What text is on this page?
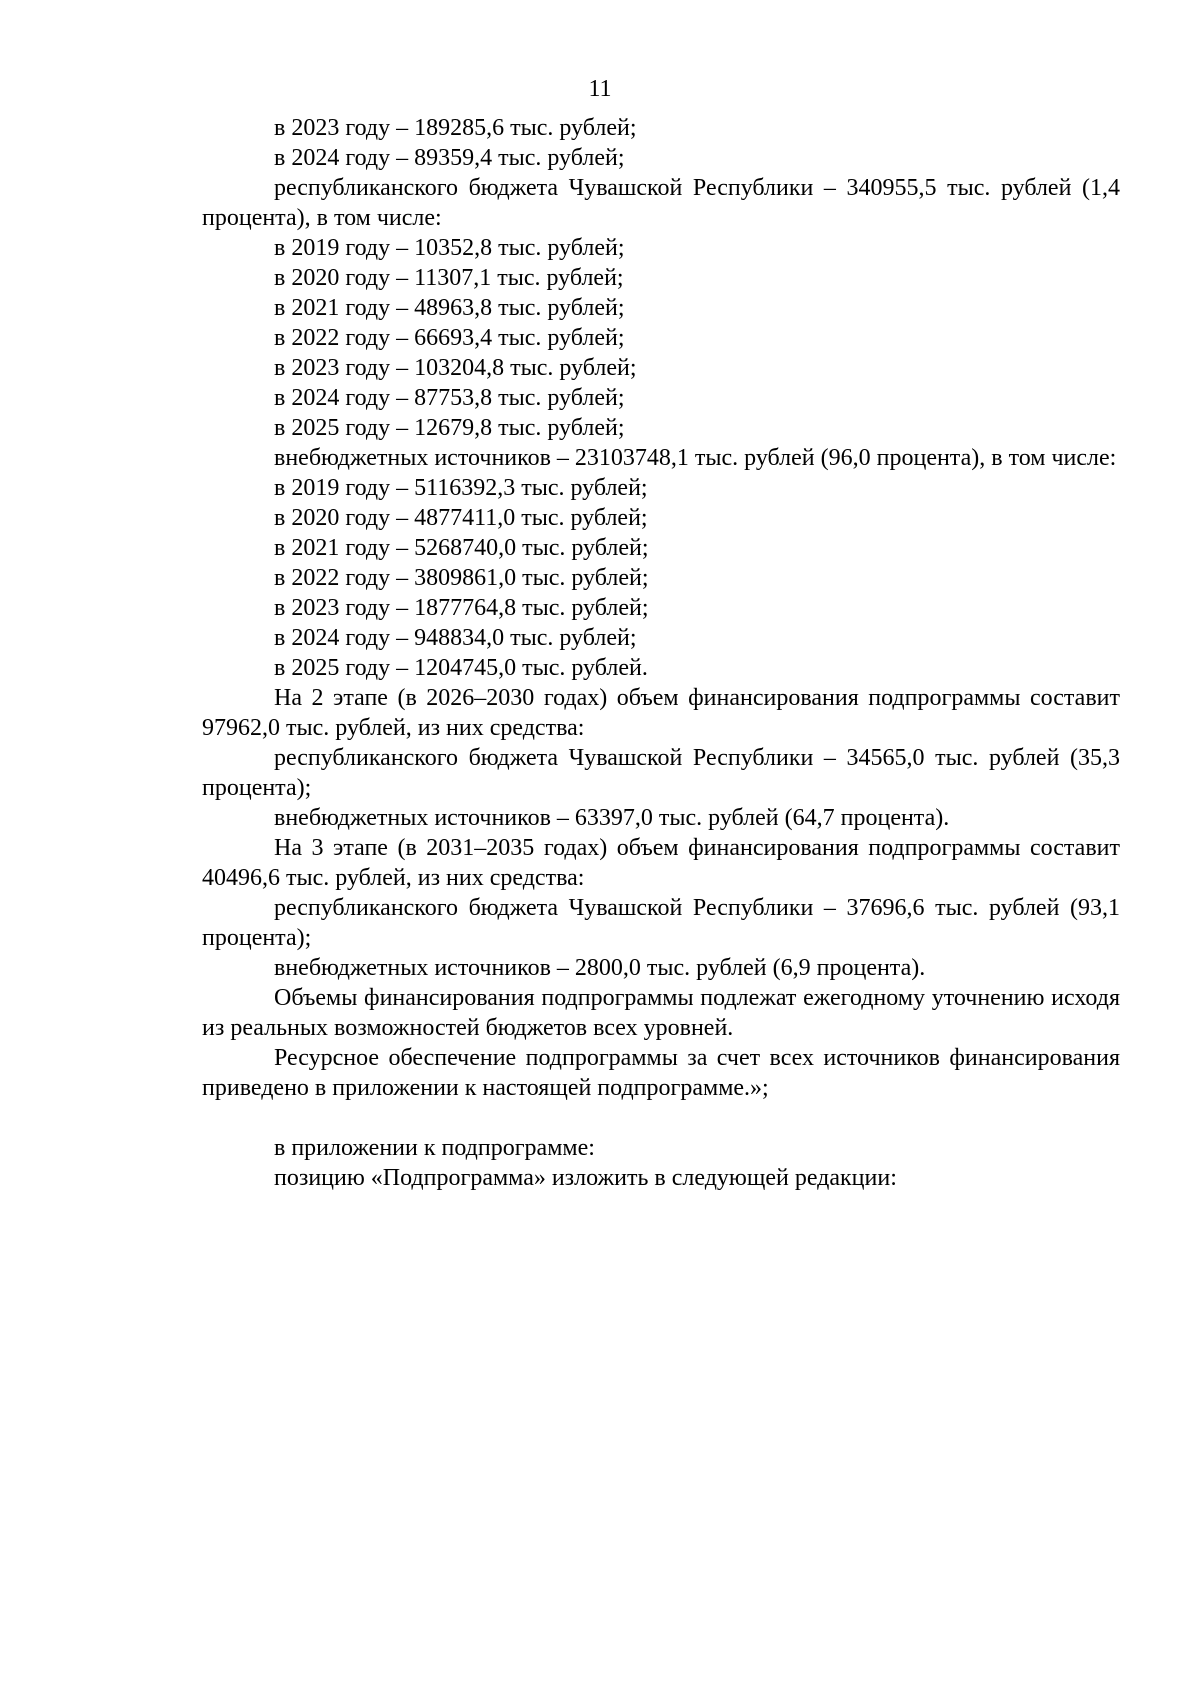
11

в 2023 году – 189285,6 тыс. рублей;

в 2024 году – 89359,4 тыс. рублей;

республиканского бюджета Чувашской Республики – 340955,5 тыс. рублей (1,4 процента), в том числе:

в 2019 году – 10352,8 тыс. рублей;

в 2020 году – 11307,1 тыс. рублей;

в 2021 году – 48963,8 тыс. рублей;

в 2022 году – 66693,4 тыс. рублей;

в 2023 году – 103204,8 тыс. рублей;

в 2024 году – 87753,8 тыс. рублей;

в 2025 году – 12679,8 тыс. рублей;

внебюджетных источников – 23103748,1 тыс. рублей (96,0 процента), в том числе:

в 2019 году – 5116392,3 тыс. рублей;

в 2020 году – 4877411,0 тыс. рублей;

в 2021 году – 5268740,0 тыс. рублей;

в 2022 году – 3809861,0 тыс. рублей;

в 2023 году – 1877764,8 тыс. рублей;

в 2024 году – 948834,0 тыс. рублей;

в 2025 году – 1204745,0 тыс. рублей.

На 2 этапе (в 2026–2030 годах) объем финансирования подпрограммы составит 97962,0 тыс. рублей, из них средства:

республиканского бюджета Чувашской Республики – 34565,0 тыс. рублей (35,3 процента);

внебюджетных источников – 63397,0 тыс. рублей (64,7 процента).

На 3 этапе (в 2031–2035 годах) объем финансирования подпрограммы составит 40496,6 тыс. рублей, из них средства:

республиканского бюджета Чувашской Республики – 37696,6 тыс. рублей (93,1 процента);

внебюджетных источников – 2800,0 тыс. рублей (6,9 процента).

Объемы финансирования подпрограммы подлежат ежегодному уточнению исходя из реальных возможностей бюджетов всех уровней.

Ресурсное обеспечение подпрограммы за счет всех источников финансирования приведено в приложении к настоящей подпрограмме.»;

в приложении к подпрограмме:

позицию «Подпрограмма» изложить в следующей редакции:
